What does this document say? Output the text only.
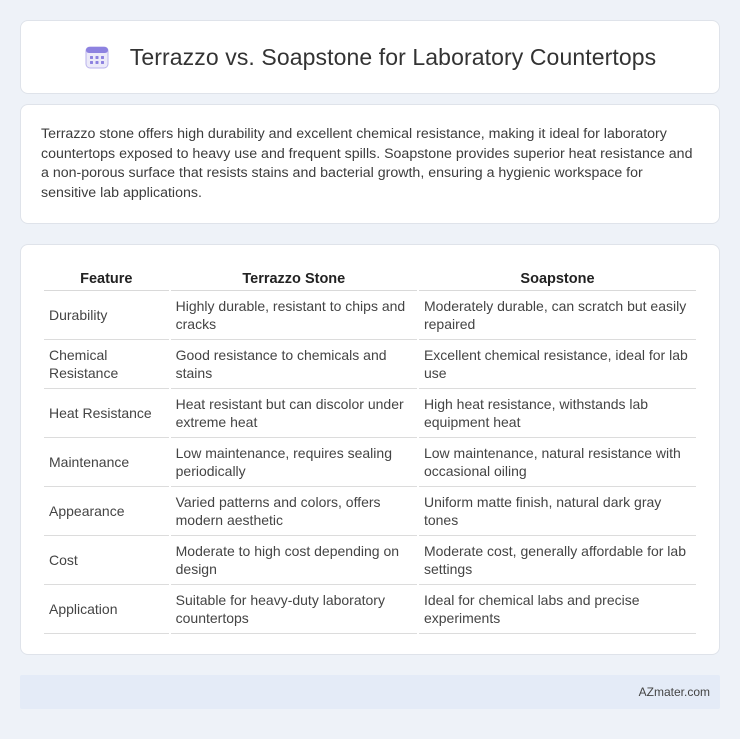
Terrazzo vs. Soapstone for Laboratory Countertops

Terrazzo stone offers high durability and excellent chemical resistance, making it ideal for laboratory countertops exposed to heavy use and frequent spills. Soapstone provides superior heat resistance and a non-porous surface that resists stains and bacterial growth, ensuring a hygienic workspace for sensitive lab applications.

Feature	Terrazzo Stone	Soapstone
Durability	Highly durable, resistant to chips and cracks	Moderately durable, can scratch but easily repaired
Chemical Resistance	Good resistance to chemicals and stains	Excellent chemical resistance, ideal for lab use
Heat Resistance	Heat resistant but can discolor under extreme heat	High heat resistance, withstands lab equipment heat
Maintenance	Low maintenance, requires sealing periodically	Low maintenance, natural resistance with occasional oiling
Appearance	Varied patterns and colors, offers modern aesthetic	Uniform matte finish, natural dark gray tones
Cost	Moderate to high cost depending on design	Moderate cost, generally affordable for lab settings
Application	Suitable for heavy-duty laboratory countertops	Ideal for chemical labs and precise experiments
AZmater.com
